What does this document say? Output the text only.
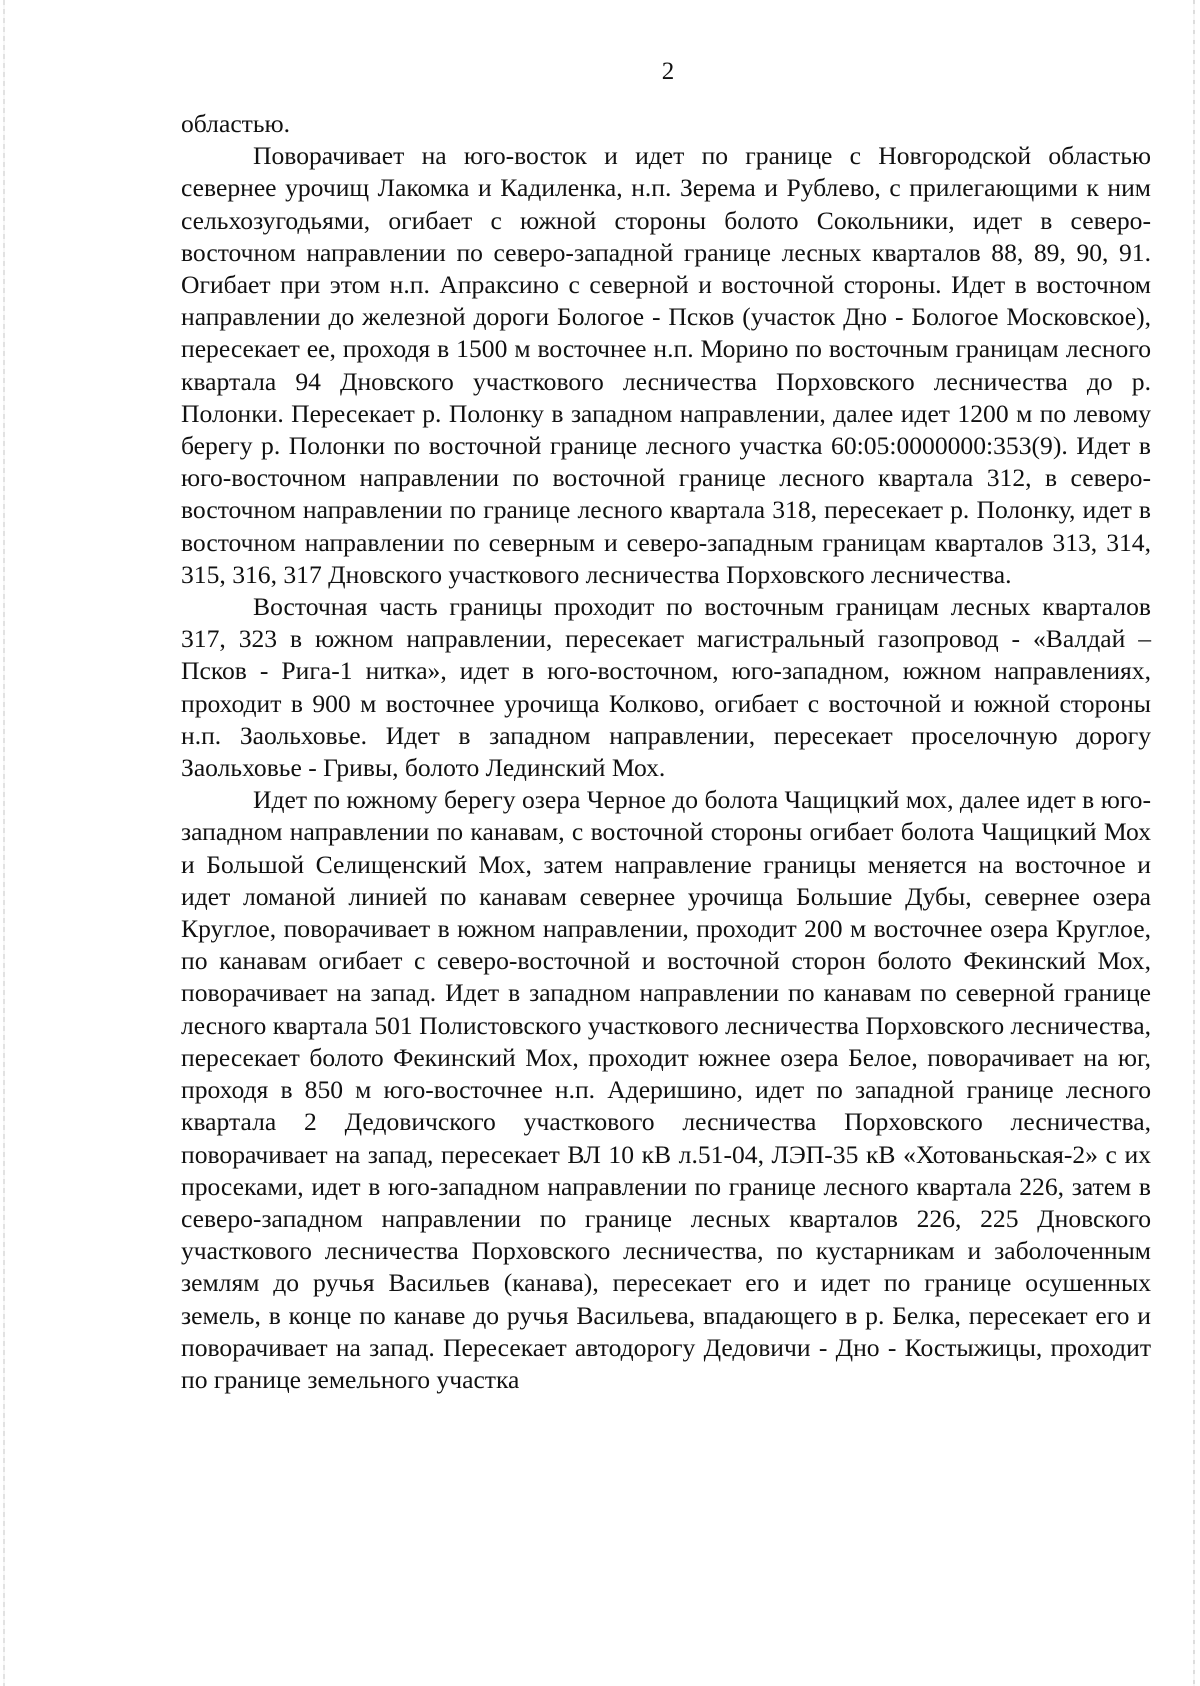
2

областью.

Поворачивает на юго-восток и идет по границе с Новгородской областью севернее урочищ Лакомка и Кадиленка, н.п. Зерема и Рублево, с прилегающими к ним сельхозугодьями, огибает с южной стороны болото Сокольники, идет в северо-восточном направлении по северо-западной границе лесных кварталов 88, 89, 90, 91. Огибает при этом н.п. Апраксино с северной и восточной стороны. Идет в восточном направлении до железной дороги Бологое - Псков (участок Дно - Бологое Московское), пересекает ее, проходя в 1500 м восточнее н.п. Морино по восточным границам лесного квартала 94 Дновского участкового лесничества Порховского лесничества до р. Полонки. Пересекает р. Полонку в западном направлении, далее идет 1200 м по левому берегу р. Полонки по восточной границе лесного участка 60:05:0000000:353(9). Идет в юго-восточном направлении по восточной границе лесного квартала 312, в северо-восточном направлении по границе лесного квартала 318, пересекает р. Полонку, идет в восточном направлении по северным и северо-западным границам кварталов 313, 314, 315, 316, 317 Дновского участкового лесничества Порховского лесничества.

Восточная часть границы проходит по восточным границам лесных кварталов 317, 323 в южном направлении, пересекает магистральный газопровод - «Валдай – Псков - Рига-1 нитка», идет в юго-восточном, юго-западном, южном направлениях, проходит в 900 м восточнее урочища Колково, огибает с восточной и южной стороны н.п. Заольховье. Идет в западном направлении, пересекает проселочную дорогу Заольховье - Гривы, болото Лединский Мох.

Идет по южному берегу озера Черное до болота Чащицкий мох, далее идет в юго-западном направлении по канавам, с восточной стороны огибает болота Чащицкий Мох и Большой Селищенский Мох, затем направление границы меняется на восточное и идет ломаной линией по канавам севернее урочища Большие Дубы, севернее озера Круглое, поворачивает в южном направлении, проходит 200 м восточнее озера Круглое, по канавам огибает с северо-восточной и восточной сторон болото Фекинский Мох, поворачивает на запад. Идет в западном направлении по канавам по северной границе лесного квартала 501 Полистовского участкового лесничества Порховского лесничества, пересекает болото Фекинский Мох, проходит южнее озера Белое, поворачивает на юг, проходя в 850 м юго-восточнее н.п. Адеришино, идет по западной границе лесного квартала 2 Дедовичского участкового лесничества Порховского лесничества, поворачивает на запад, пересекает ВЛ 10 кВ л.51-04, ЛЭП-35 кВ «Хотованьская-2» с их просеками, идет в юго-западном направлении по границе лесного квартала 226, затем в северо-западном направлении по границе лесных кварталов 226, 225 Дновского участкового лесничества Порховского лесничества, по кустарникам и заболоченным землям до ручья Васильев (канава), пересекает его и идет по границе осушенных земель, в конце по канаве до ручья Васильева, впадающего в р. Белка, пересекает его и поворачивает на запад. Пересекает автодорогу Дедовичи - Дно - Костыжицы, проходит по границе земельного участка
